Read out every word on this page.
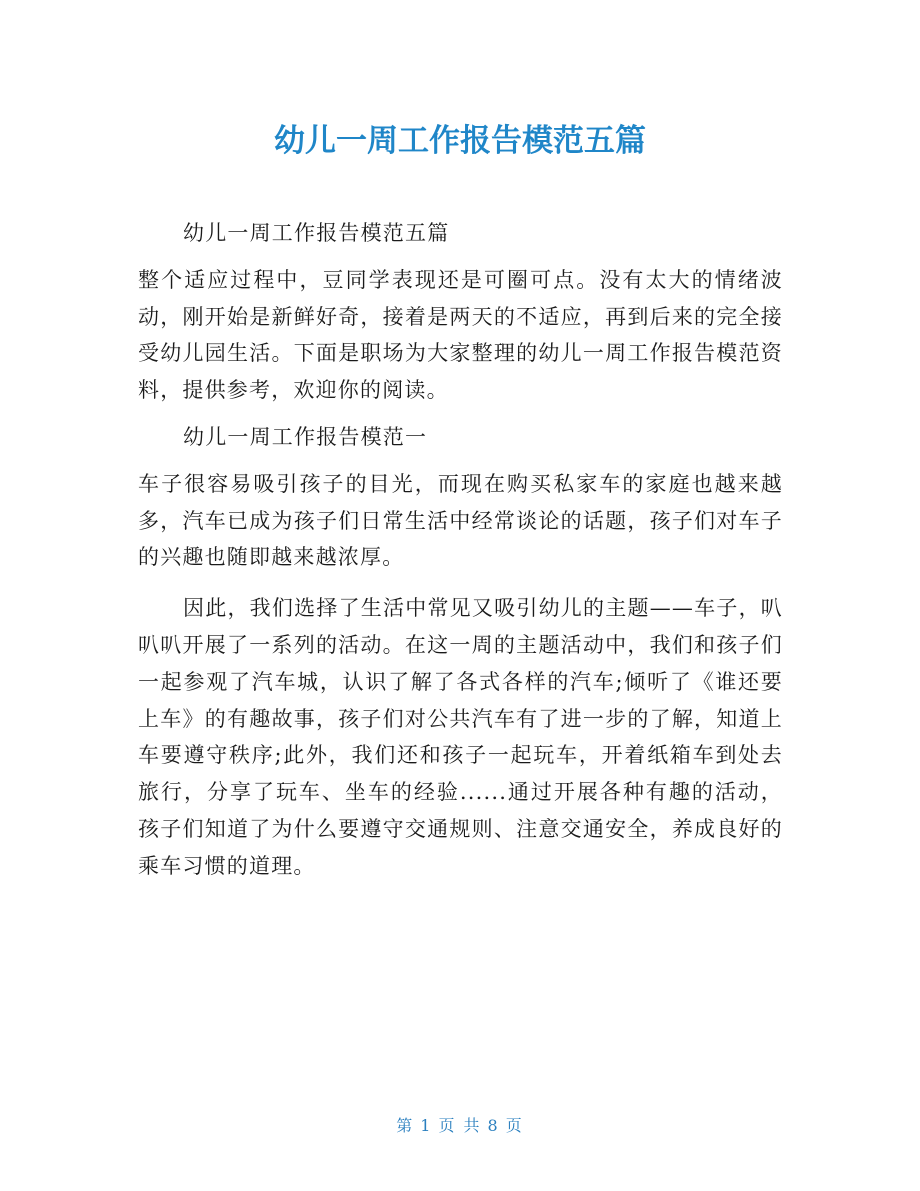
幼儿一周工作报告模范五篇

幼儿一周工作报告模范五篇

整个适应过程中，豆同学表现还是可圈可点。没有太大的情绪波动，刚开始是新鲜好奇，接着是两天的不适应，再到后来的完全接受幼儿园生活。下面是职场为大家整理的幼儿一周工作报告模范资料，提供参考，欢迎你的阅读。

幼儿一周工作报告模范一

车子很容易吸引孩子的目光，而现在购买私家车的家庭也越来越多，汽车已成为孩子们日常生活中经常谈论的话题，孩子们对车子的兴趣也随即越来越浓厚。

因此，我们选择了生活中常见又吸引幼儿的主题——车子，叭叭叭开展了一系列的活动。在这一周的主题活动中，我们和孩子们一起参观了汽车城，认识了解了各式各样的汽车;倾听了《谁还要上车》的有趣故事，孩子们对公共汽车有了进一步的了解，知道上车要遵守秩序;此外，我们还和孩子一起玩车，开着纸箱车到处去旅行，分享了玩车、坐车的经验......通过开展各种有趣的活动，孩子们知道了为什么要遵守交通规则、注意交通安全，养成良好的乘车习惯的道理。

第 1 页 共 8 页
